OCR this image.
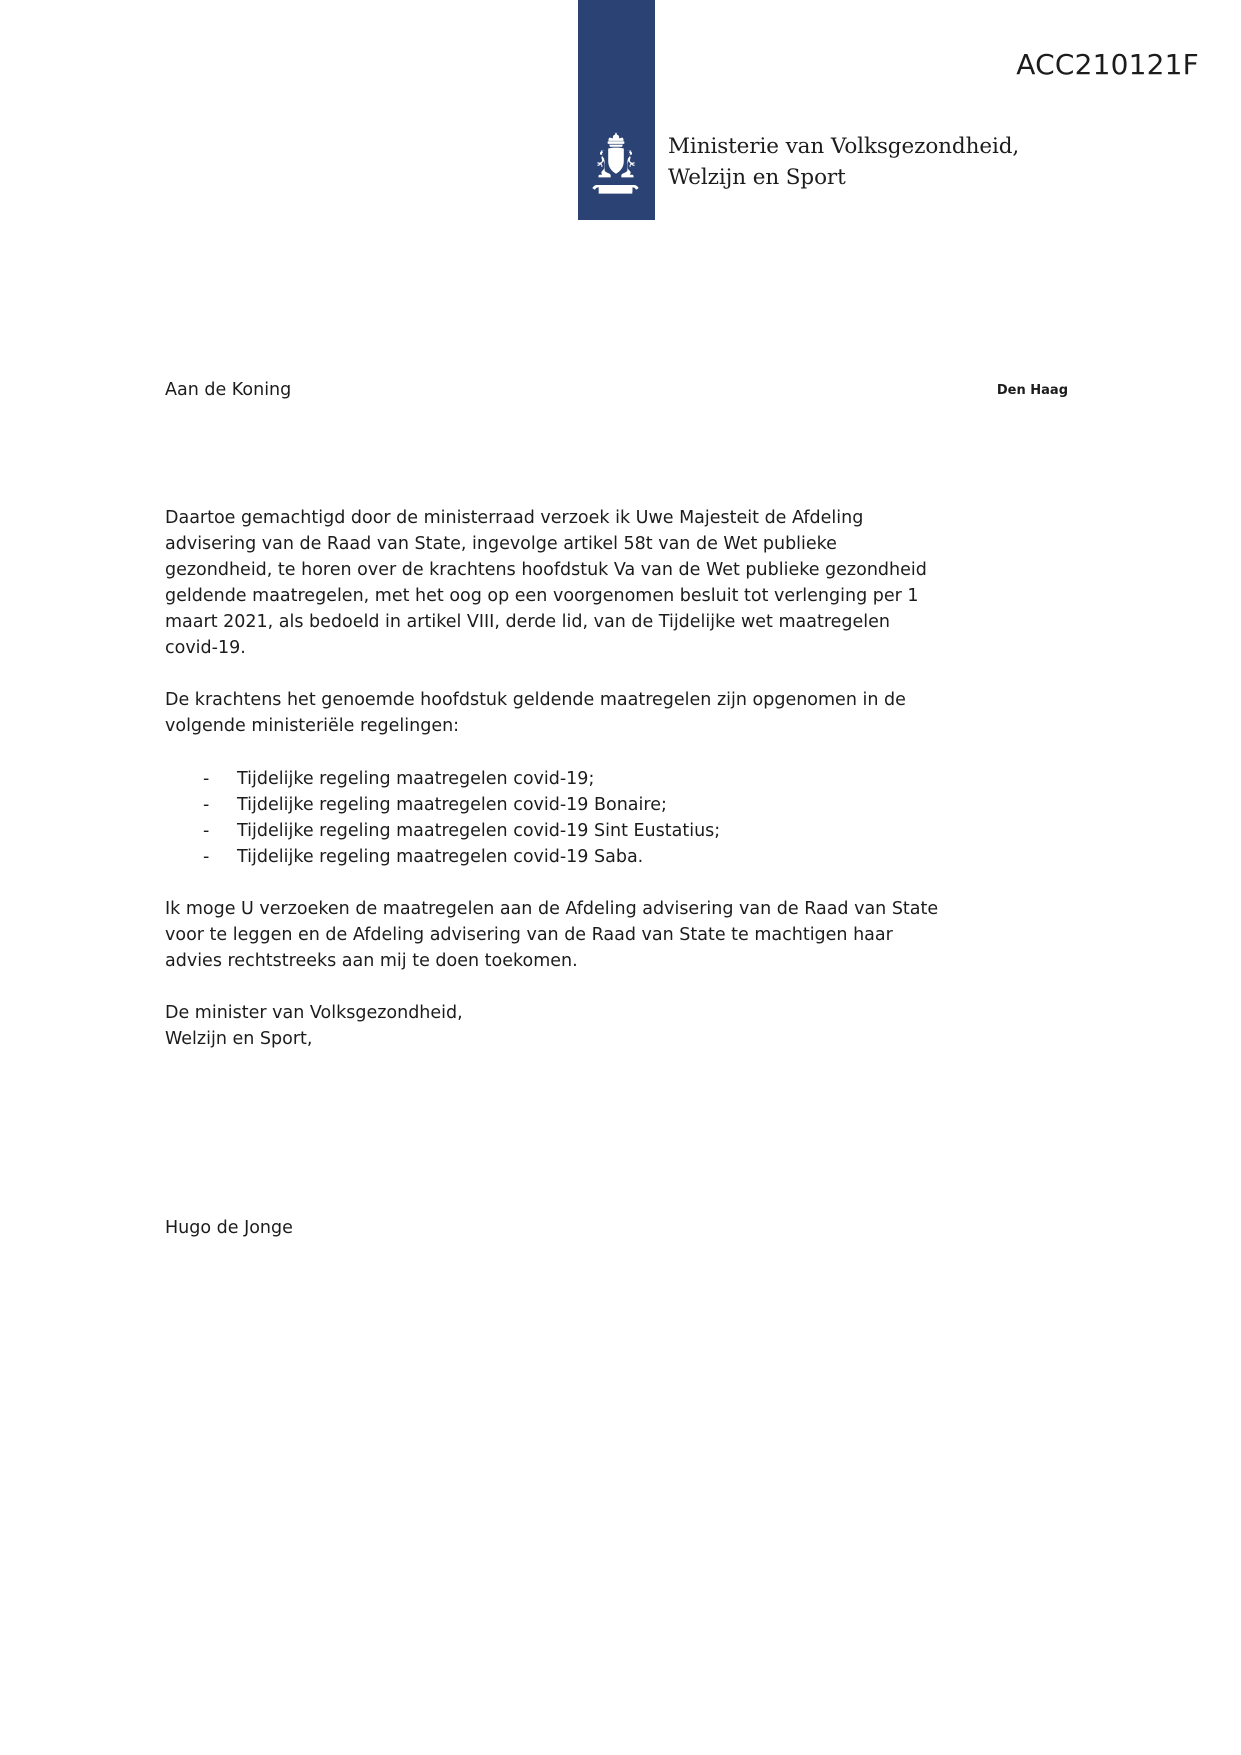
ACC210121F
Ministerie van Volksgezondheid,
Welzijn en Sport
Aan de Koning	Den Haag

Daartoe gemachtigd door de ministerraad verzoek ik Uwe Majesteit de Afdeling advisering van de Raad van State, ingevolge artikel 58t van de Wet publieke gezondheid, te horen over de krachtens hoofdstuk Va van de Wet publieke gezondheid geldende maatregelen, met het oog op een voorgenomen besluit tot verlenging per 1 maart 2021, als bedoeld in artikel VIII, derde lid, van de Tijdelijke wet maatregelen covid-19.

De krachtens het genoemde hoofdstuk geldende maatregelen zijn opgenomen in de volgende ministeriële regelingen:

- Tijdelijke regeling maatregelen covid-19;
- Tijdelijke regeling maatregelen covid-19 Bonaire;
- Tijdelijke regeling maatregelen covid-19 Sint Eustatius;
- Tijdelijke regeling maatregelen covid-19 Saba.

Ik moge U verzoeken de maatregelen aan de Afdeling advisering van de Raad van State voor te leggen en de Afdeling advisering van de Raad van State te machtigen haar advies rechtstreeks aan mij te doen toekomen.

De minister van Volksgezondheid,
Welzijn en Sport,

Hugo de Jonge
